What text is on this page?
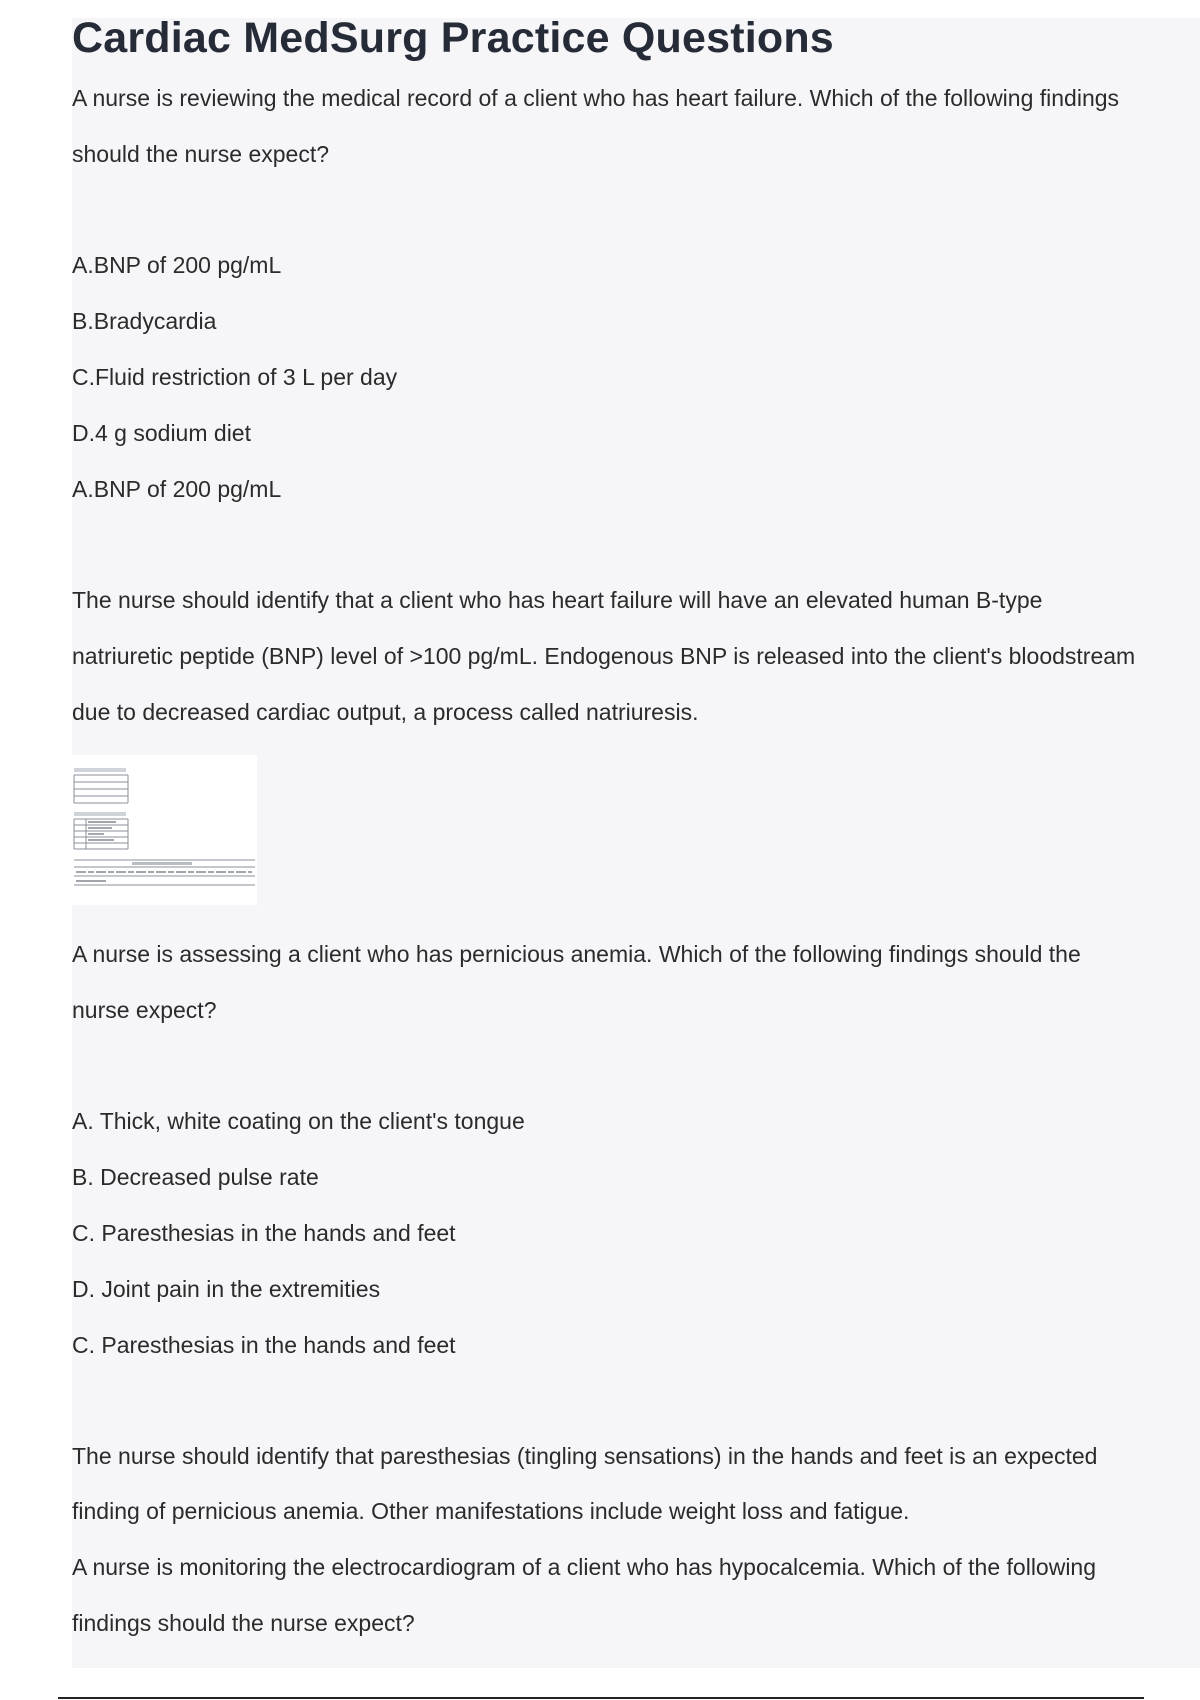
Cardiac MedSurg Practice Questions

A nurse is reviewing the medical record of a client who has heart failure. Which of the following findings

should the nurse expect?

A.BNP of 200 pg/mL

B.Bradycardia

C.Fluid restriction of 3 L per day

D.4 g sodium diet

A.BNP of 200 pg/mL

The nurse should identify that a client who has heart failure will have an elevated human B-type

natriuretic peptide (BNP) level of >100 pg/mL. Endogenous BNP is released into the client's bloodstream

due to decreased cardiac output, a process called natriuresis.

A nurse is assessing a client who has pernicious anemia. Which of the following findings should the

nurse expect?

A. Thick, white coating on the client's tongue

B. Decreased pulse rate

C. Paresthesias in the hands and feet

D. Joint pain in the extremities

C. Paresthesias in the hands and feet

The nurse should identify that paresthesias (tingling sensations) in the hands and feet is an expected

finding of pernicious anemia. Other manifestations include weight loss and fatigue.

A nurse is monitoring the electrocardiogram of a client who has hypocalcemia. Which of the following

findings should the nurse expect?
